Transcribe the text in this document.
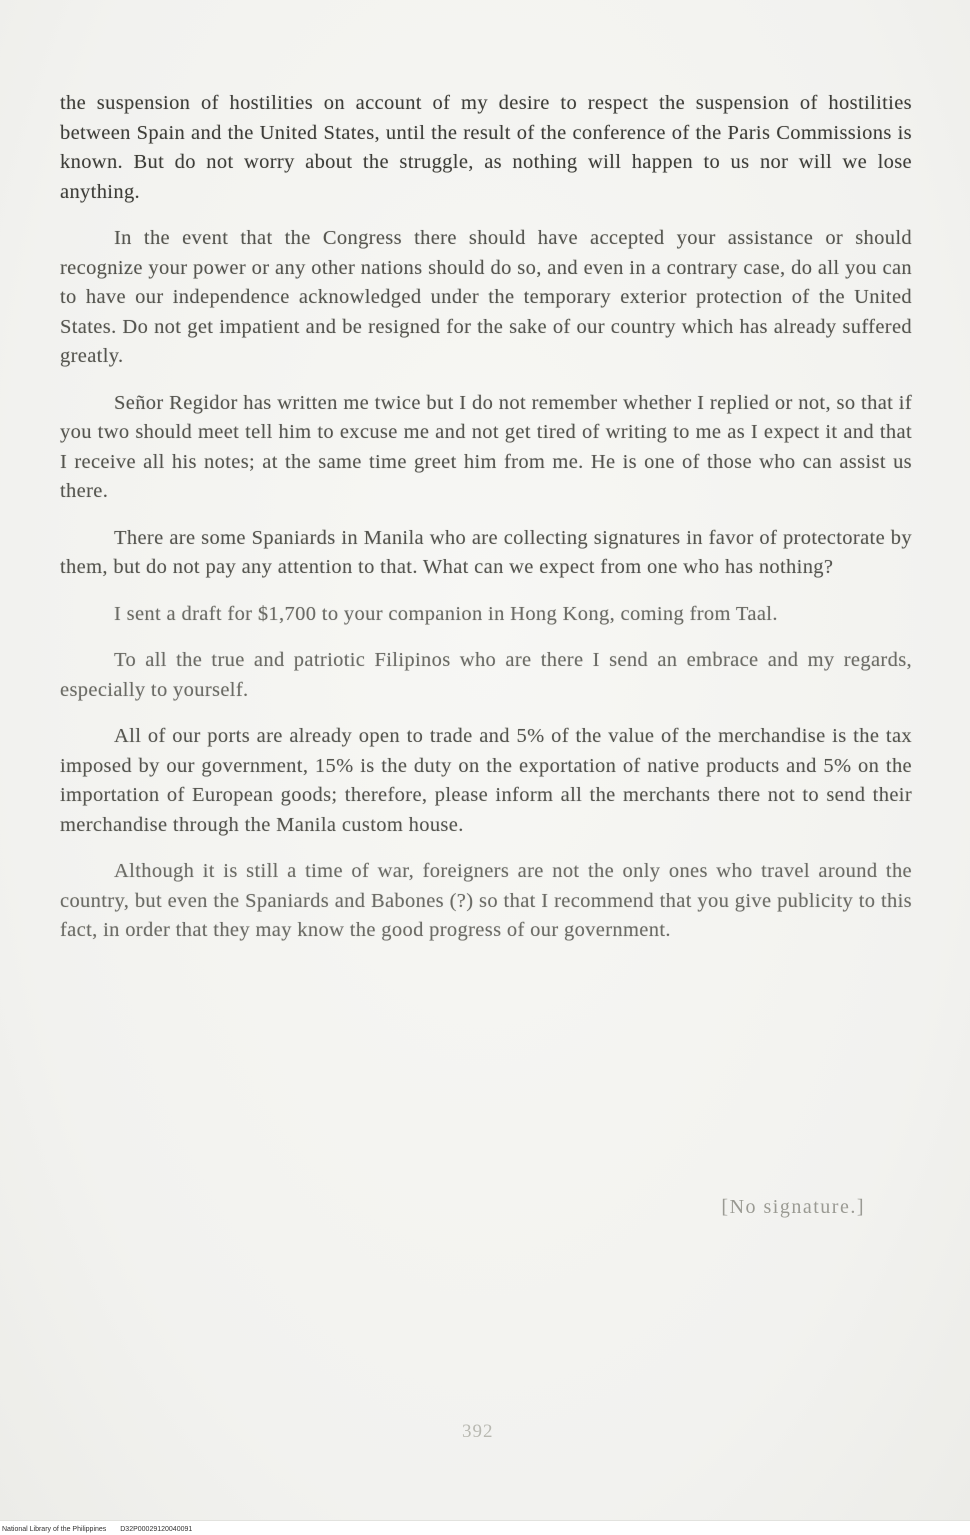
the suspension of hostilities on account of my desire to respect the suspension of hostilities between Spain and the United States, until the result of the conference of the Paris Commissions is known. But do not worry about the struggle, as nothing will happen to us nor will we lose anything.

In the event that the Congress there should have accepted your assistance or should recognize your power or any other nations should do so, and even in a contrary case, do all you can to have our independence acknowledged under the temporary exterior protection of the United States. Do not get impatient and be resigned for the sake of our country which has already suffered greatly.

Señor Regidor has written me twice but I do not remember whether I replied or not, so that if you two should meet tell him to excuse me and not get tired of writing to me as I expect it and that I receive all his notes; at the same time greet him from me. He is one of those who can assist us there.

There are some Spaniards in Manila who are collecting signatures in favor of protectorate by them, but do not pay any attention to that. What can we expect from one who has nothing?

I sent a draft for $1,700 to your companion in Hong Kong, coming from Taal.

To all the true and patriotic Filipinos who are there I send an embrace and my regards, especially to yourself.

All of our ports are already open to trade and 5% of the value of the merchandise is the tax imposed by our government, 15% is the duty on the exportation of native products and 5% on the importation of European goods; therefore, please inform all the merchants there not to send their merchandise through the Manila custom house.

Although it is still a time of war, foreigners are not the only ones who travel around the country, but even the Spaniards and Babones (?) so that I recommend that you give publicity to this fact, in order that they may know the good progress of our government.

[No signature.]
392
National Library of the Philippines D32P00029120040091
